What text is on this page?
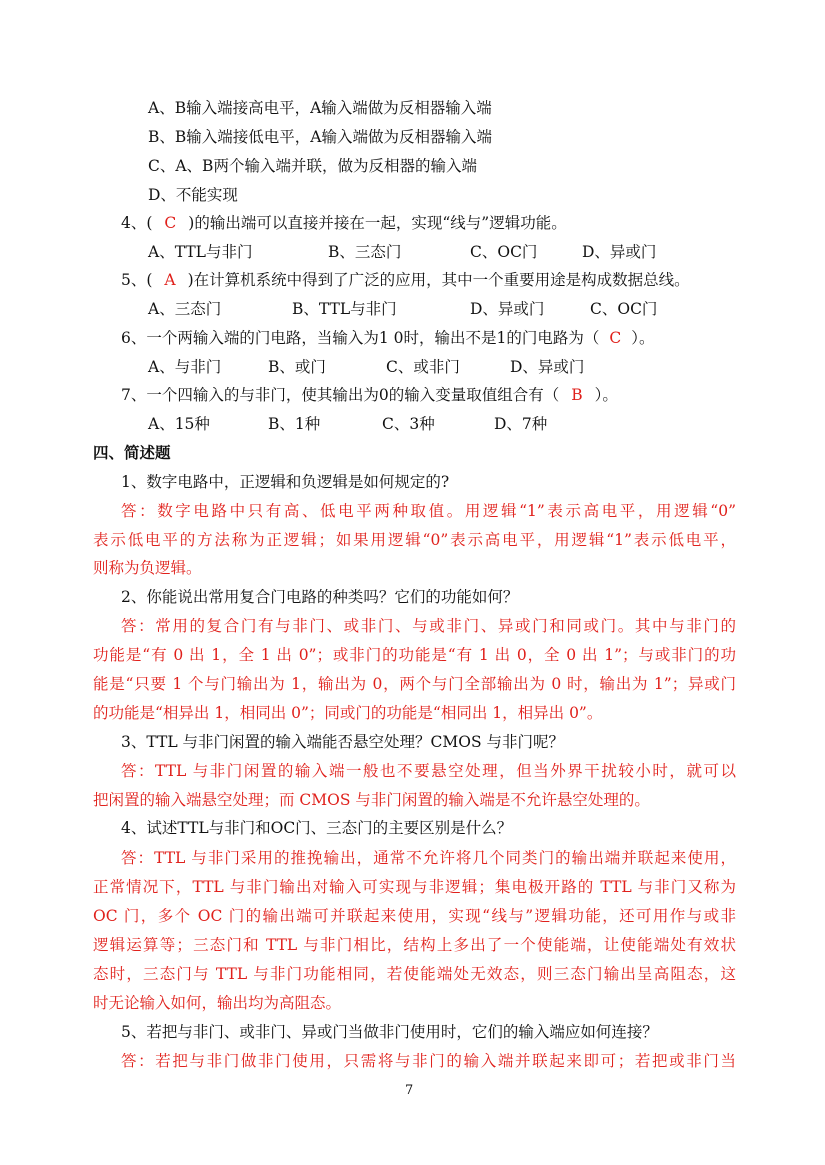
A、B输入端接高电平，A输入端做为反相器输入端
B、B输入端接低电平，A输入端做为反相器输入端
C、A、B两个输入端并联，做为反相器的输入端
D、不能实现
4、( C )的输出端可以直接并接在一起，实现“线与”逻辑功能。
A、TTL与非门	B、三态门	C、OC门	D、异或门
5、( A )在计算机系统中得到了广泛的应用，其中一个重要用途是构成数据总线。
A、三态门	B、TTL与非门	D、异或门	C、OC门
6、一个两输入端的门电路，当输入为1 0时，输出不是1的门电路为（ C ）。
A、与非门	B、或门	C、或非门	D、异或门
7、一个四输入的与非门，使其输出为0的输入变量取值组合有（ B ）。
A、15种	B、1种	C、3种	D、7种
四、简述题
1、数字电路中，正逻辑和负逻辑是如何规定的?
答：数字电路中只有高、低电平两种取值。用逻辑“1”表示高电平，用逻辑“0”
表示低电平的方法称为正逻辑；如果用逻辑“0”表示高电平，用逻辑“1”表示低电平，
则称为负逻辑。
2、你能说出常用复合门电路的种类吗？它们的功能如何？
答：常用的复合门有与非门、或非门、与或非门、异或门和同或门。其中与非门的
功能是“有 0 出 1，全 1 出 0”；或非门的功能是“有 1 出 0，全 0 出 1”；与或非门的功
能是“只要 1 个与门输出为 1，输出为 0，两个与门全部输出为 0 时，输出为 1”；异或门
的功能是“相异出 1，相同出 0”；同或门的功能是“相同出 1，相异出 0”。
3、TTL 与非门闲置的输入端能否悬空处理？CMOS 与非门呢？
答：TTL 与非门闲置的输入端一般也不要悬空处理，但当外界干扰较小时，就可以
把闲置的输入端悬空处理；而 CMOS 与非门闲置的输入端是不允许悬空处理的。
4、试述TTL与非门和OC门、三态门的主要区别是什么？
答：TTL 与非门采用的推挽输出，通常不允许将几个同类门的输出端并联起来使用，
正常情况下，TTL 与非门输出对输入可实现与非逻辑；集电极开路的 TTL 与非门又称为
OC 门，多个 OC 门的输出端可并联起来使用，实现“线与”逻辑功能，还可用作与或非
逻辑运算等；三态门和 TTL 与非门相比，结构上多出了一个使能端，让使能端处有效状
态时，三态门与 TTL 与非门功能相同，若使能端处无效态，则三态门输出呈高阻态，这
时无论输入如何，输出均为高阻态。
5、若把与非门、或非门、异或门当做非门使用时，它们的输入端应如何连接？
答：若把与非门做非门使用，只需将与非门的输入端并联起来即可；若把或非门当
7
